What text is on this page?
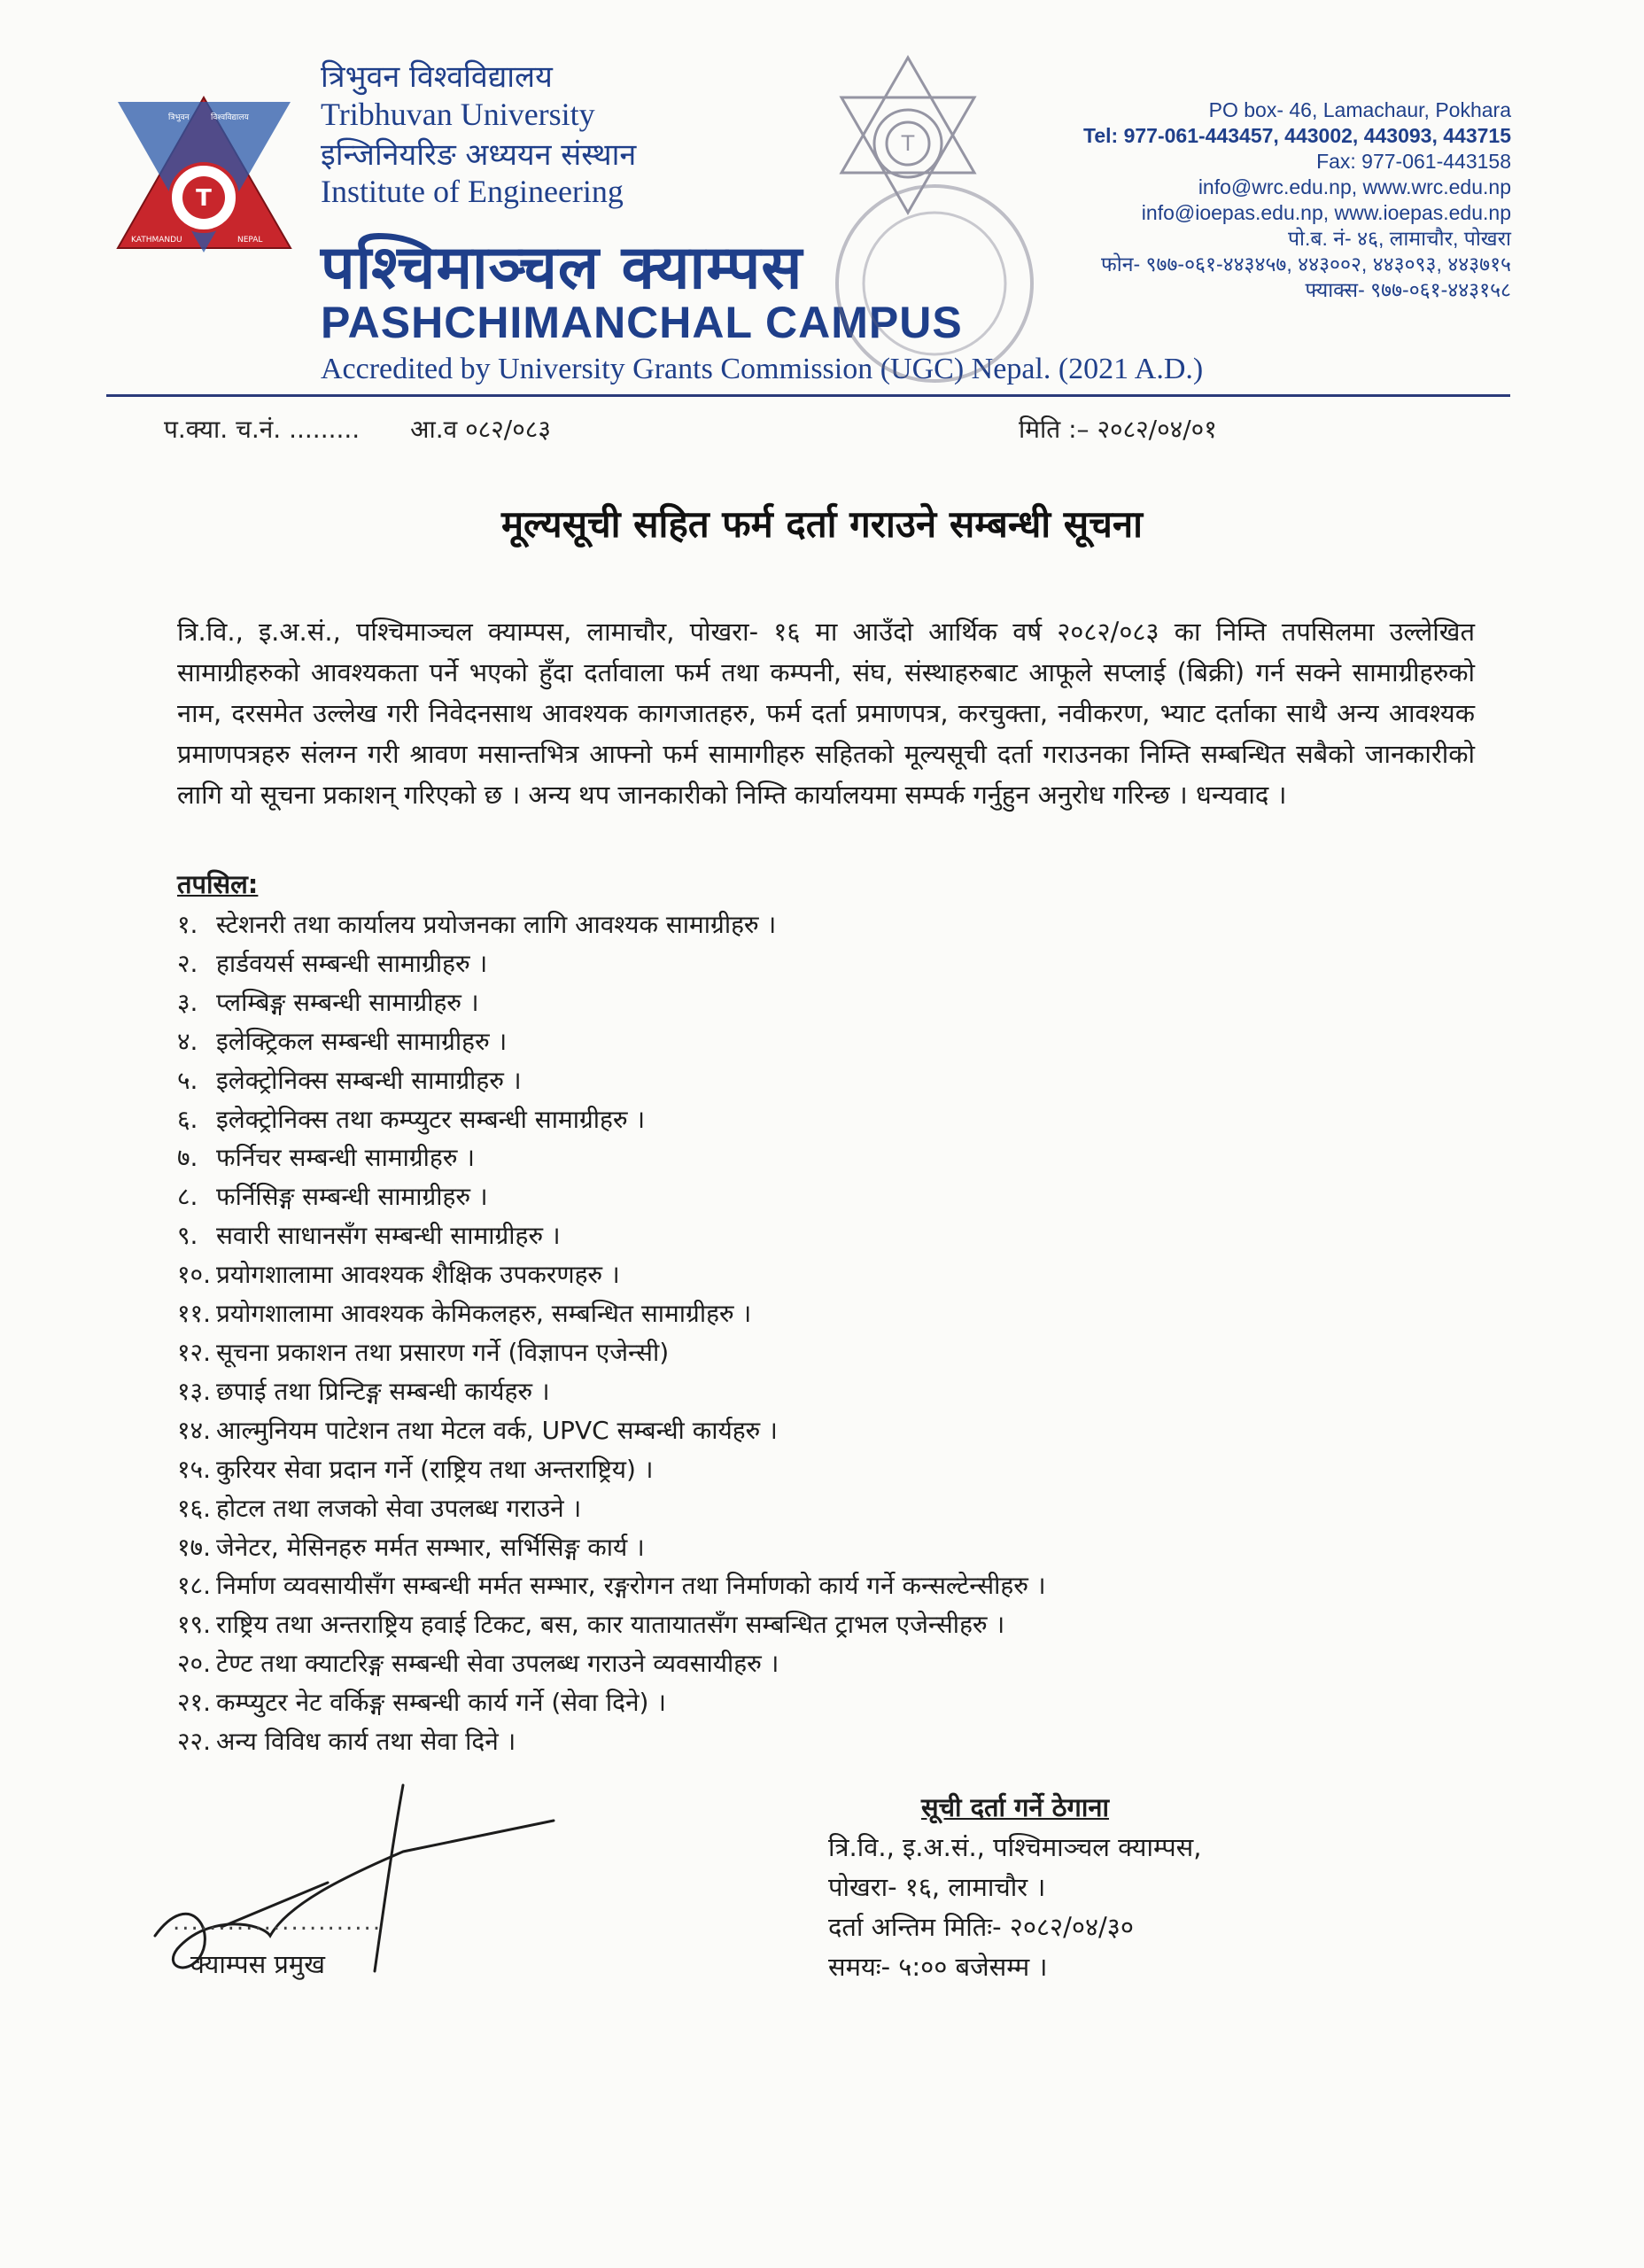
T
त्रिभुवन	विश्वविद्यालय
KATHMANDU	NEPAL
त्रिभुवन विश्वविद्यालय
Tribhuvan University
इन्जिनियरिङ अध्ययन संस्थान
Institute of Engineering
पश्चिमाञ्चल क्याम्पस
PASHCHIMANCHAL CAMPUS
Accredited by University Grants Commission (UGC) Nepal. (2021 A.D.)
T
PO box- 46, Lamachaur, Pokhara
Tel: 977-061-443457, 443002, 443093, 443715
Fax: 977-061-443158
info@wrc.edu.np, www.wrc.edu.np
info@ioepas.edu.np, www.ioepas.edu.np
पो.ब. नं- ४६, लामाचौर, पोखरा
फोन- ९७७-०६१-४४३४५७, ४४३००२, ४४३०९३, ४४३७१५
फ्याक्स- ९७७-०६१-४४३१५८
प.क्या. च.नं. ......... आ.व ०८२/०८३	मिति :– २०८२/०४/०१
मूल्यसूची सहित फर्म दर्ता गराउने सम्बन्धी सूचना
त्रि.वि., इ.अ.सं., पश्चिमाञ्चल क्याम्पस, लामाचौर, पोखरा- १६ मा आउँदो आर्थिक वर्ष २०८२/०८३ का निम्ति तपसिलमा उल्लेखित सामाग्रीहरुको आवश्यकता पर्ने भएको हुँदा दर्तावाला फर्म तथा कम्पनी, संघ, संस्थाहरुबाट आफूले सप्लाई (बिक्री) गर्न सक्ने सामाग्रीहरुको नाम, दरसमेत उल्लेख गरी निवेदनसाथ आवश्यक कागजातहरु, फर्म दर्ता प्रमाणपत्र, करचुक्ता, नवीकरण, भ्याट दर्ताका साथै अन्य आवश्यक प्रमाणपत्रहरु संलग्न गरी श्रावण मसान्तभित्र आफ्नो फर्म सामागीहरु सहितको मूल्यसूची दर्ता गराउनका निम्ति सम्बन्धित सबैको जानकारीको लागि यो सूचना प्रकाशन् गरिएको छ । अन्य थप जानकारीको निम्ति कार्यालयमा सम्पर्क गर्नुहुन अनुरोध गरिन्छ । धन्यवाद ।
तपसिल:
१. स्टेशनरी तथा कार्यालय प्रयोजनका लागि आवश्यक सामाग्रीहरु ।
२. हार्डवयर्स सम्बन्धी सामाग्रीहरु ।
३. प्लम्बिङ्ग सम्बन्धी सामाग्रीहरु ।
४. इलेक्ट्रिकल सम्बन्धी सामाग्रीहरु ।
५. इलेक्ट्रोनिक्स सम्बन्धी सामाग्रीहरु ।
६. इलेक्ट्रोनिक्स तथा कम्प्युटर सम्बन्धी सामाग्रीहरु ।
७. फर्निचर सम्बन्धी सामाग्रीहरु ।
८. फर्निसिङ्ग सम्बन्धी सामाग्रीहरु ।
९. सवारी साधानसँग सम्बन्धी सामाग्रीहरु ।
१०. प्रयोगशालामा आवश्यक शैक्षिक उपकरणहरु ।
११. प्रयोगशालामा आवश्यक केमिकलहरु, सम्बन्धित सामाग्रीहरु ।
१२. सूचना प्रकाशन तथा प्रसारण गर्ने (विज्ञापन एजेन्सी)
१३. छपाई तथा प्रिन्टिङ्ग सम्बन्धी कार्यहरु ।
१४. आल्मुनियम पाटेशन तथा मेटल वर्क, UPVC सम्बन्धी कार्यहरु ।
१५. कुरियर सेवा प्रदान गर्ने (राष्ट्रिय तथा अन्तराष्ट्रिय) ।
१६. होटल तथा लजको सेवा उपलब्ध गराउने ।
१७. जेनेटर, मेसिनहरु मर्मत सम्भार, सर्भिसिङ्ग कार्य ।
१८. निर्माण व्यवसायीसँग सम्बन्धी मर्मत सम्भार, रङ्गरोगन तथा निर्माणको कार्य गर्ने कन्सल्टेन्सीहरु ।
१९. राष्ट्रिय तथा अन्तराष्ट्रिय हवाई टिकट, बस, कार यातायातसँग सम्बन्धित ट्राभल एजेन्सीहरु ।
२०. टेण्ट तथा क्याटरिङ्ग सम्बन्धी सेवा उपलब्ध गराउने व्यवसायीहरु ।
२१. कम्प्युटर नेट वर्किङ्ग सम्बन्धी कार्य गर्ने (सेवा दिने) ।
२२. अन्य विविध कार्य तथा सेवा दिने ।
.......................
क्याम्पस प्रमुख
सूची दर्ता गर्ने ठेगाना
त्रि.वि., इ.अ.सं., पश्चिमाञ्चल क्याम्पस,
पोखरा- १६, लामाचौर ।
दर्ता अन्तिम मितिः- २०८२/०४/३०
समयः- ५:०० बजेसम्म ।
